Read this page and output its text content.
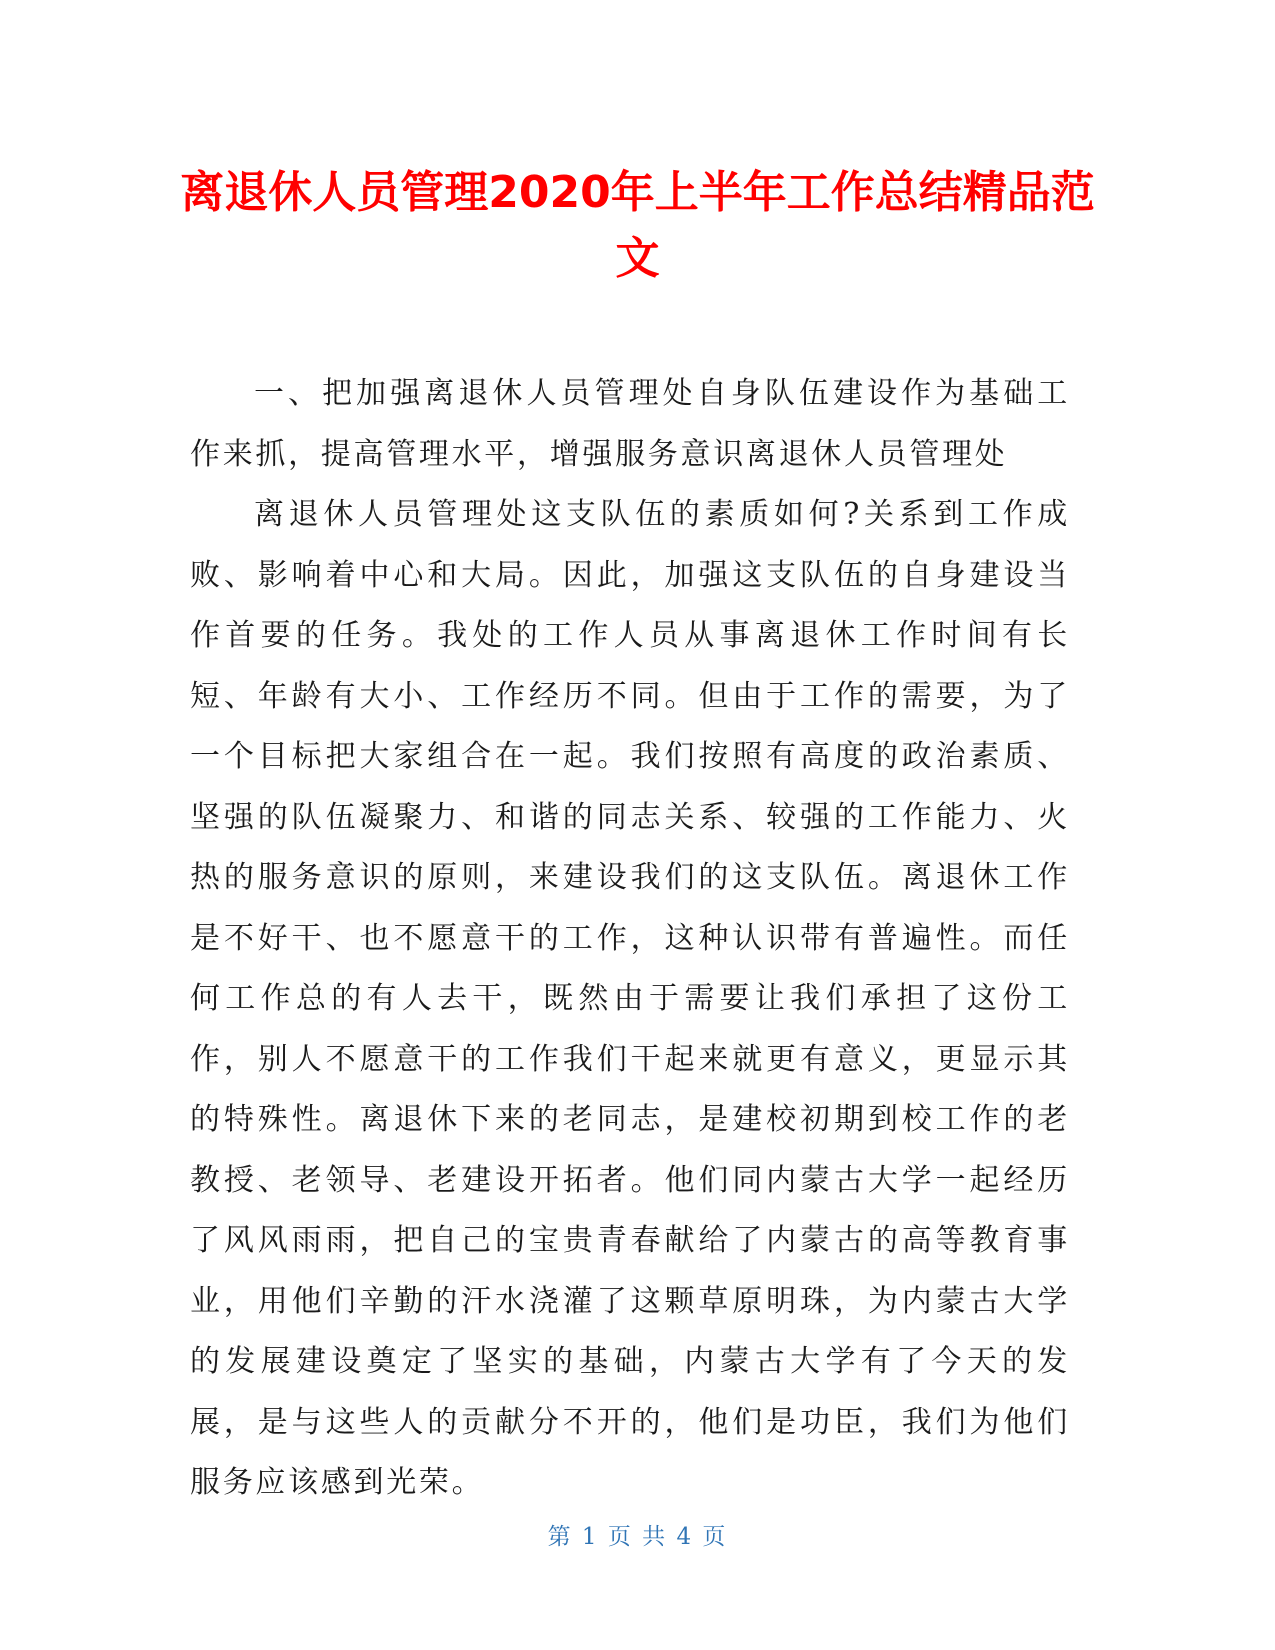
离退休人员管理2020年上半年工作总结精品范文

一、把加强离退休人员管理处自身队伍建设作为基础工作来抓，提高管理水平，增强服务意识离退休人员管理处

离退休人员管理处这支队伍的素质如何?关系到工作成败、影响着中心和大局。因此，加强这支队伍的自身建设当作首要的任务。我处的工作人员从事离退休工作时间有长短、年龄有大小、工作经历不同。但由于工作的需要，为了一个目标把大家组合在一起。我们按照有高度的政治素质、坚强的队伍凝聚力、和谐的同志关系、较强的工作能力、火热的服务意识的原则，来建设我们的这支队伍。离退休工作是不好干、也不愿意干的工作，这种认识带有普遍性。而任何工作总的有人去干，既然由于需要让我们承担了这份工作，别人不愿意干的工作我们干起来就更有意义，更显示其的特殊性。离退休下来的老同志，是建校初期到校工作的老教授、老领导、老建设开拓者。他们同内蒙古大学一起经历了风风雨雨，把自己的宝贵青春献给了内蒙古的高等教育事业，用他们辛勤的汗水浇灌了这颗草原明珠，为内蒙古大学的发展建设奠定了坚实的基础，内蒙古大学有了今天的发展，是与这些人的贡献分不开的，他们是功臣，我们为他们服务应该感到光荣。

第 1 页 共 4 页
